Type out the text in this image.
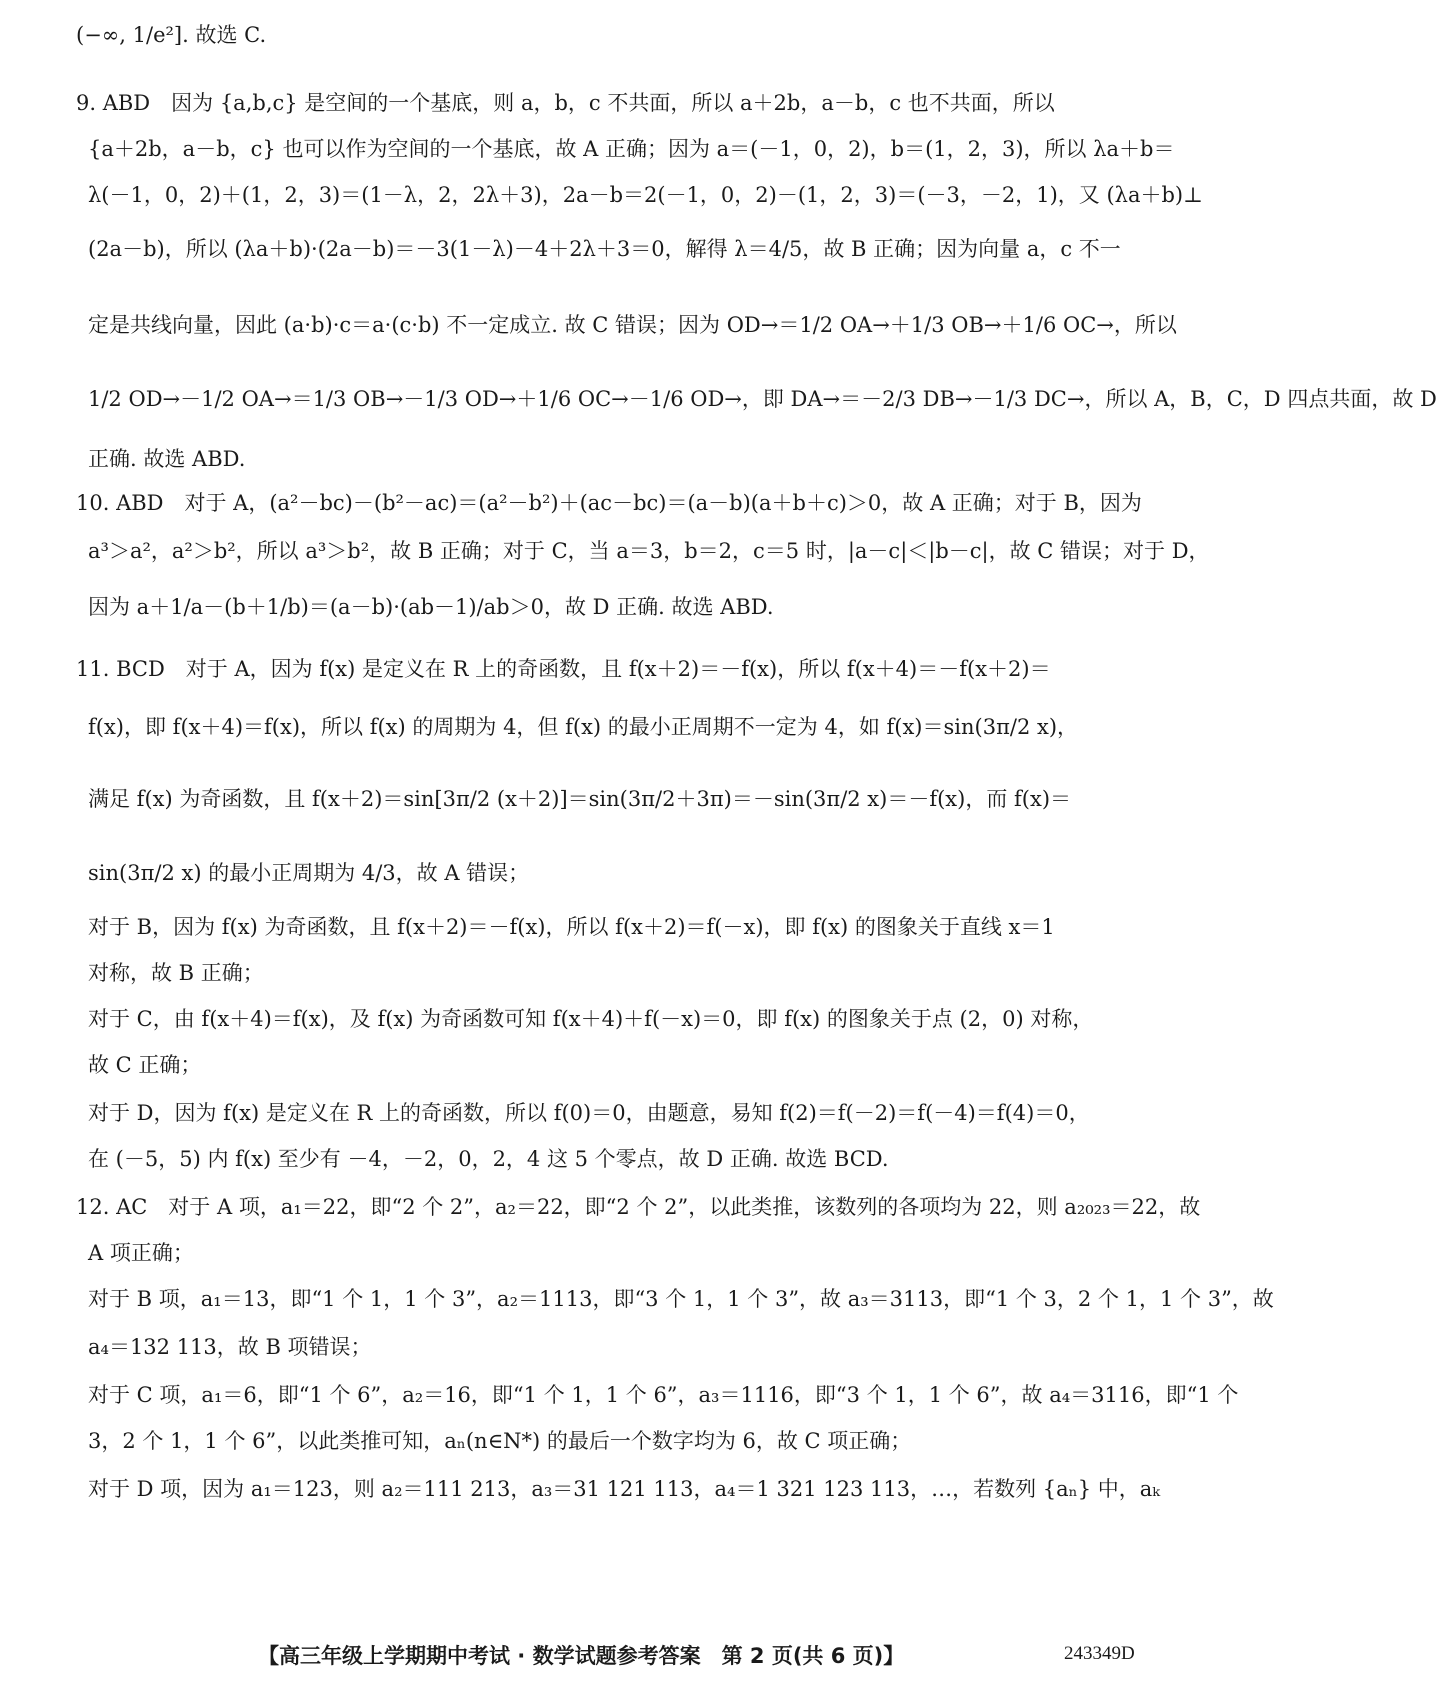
(−∞, 1/e²]. 故选 C.
9. ABD　因为 {a,b,c} 是空间的一个基底，则 a，b，c 不共面，所以 a＋2b，a－b，c 也不共面，所以
{a＋2b，a－b，c} 也可以作为空间的一个基底，故 A 正确；因为 a＝(－1，0，2)，b＝(1，2，3)，所以 λa＋b＝
λ(－1，0，2)＋(1，2，3)＝(1－λ，2，2λ＋3)，2a－b＝2(－1，0，2)－(1，2，3)＝(－3，－2，1)，又 (λa＋b)⊥
(2a－b)，所以 (λa＋b)·(2a－b)＝－3(1－λ)－4＋2λ＋3＝0，解得 λ＝4/5，故 B 正确；因为向量 a，c 不一
定是共线向量，因此 (a·b)·c＝a·(c·b) 不一定成立. 故 C 错误；因为 OD→＝1/2 OA→＋1/3 OB→＋1/6 OC→，所以
1/2 OD→－1/2 OA→＝1/3 OB→－1/3 OD→＋1/6 OC→－1/6 OD→，即 DA→＝－2/3 DB→－1/3 DC→，所以 A，B，C，D 四点共面，故 D
正确. 故选 ABD.
10. ABD　对于 A，(a²－bc)－(b²－ac)＝(a²－b²)＋(ac－bc)＝(a－b)(a＋b＋c)＞0，故 A 正确；对于 B，因为
a³＞a²，a²＞b²，所以 a³＞b²，故 B 正确；对于 C，当 a＝3，b＝2，c＝5 时，|a－c|＜|b－c|，故 C 错误；对于 D，
因为 a＋1/a－(b＋1/b)＝(a－b)·(ab－1)/ab＞0，故 D 正确. 故选 ABD.
11. BCD　对于 A，因为 f(x) 是定义在 R 上的奇函数，且 f(x＋2)＝－f(x)，所以 f(x＋4)＝－f(x＋2)＝
f(x)，即 f(x＋4)＝f(x)，所以 f(x) 的周期为 4，但 f(x) 的最小正周期不一定为 4，如 f(x)＝sin(3π/2 x)，
满足 f(x) 为奇函数，且 f(x＋2)＝sin[3π/2 (x＋2)]＝sin(3π/2＋3π)＝－sin(3π/2 x)＝－f(x)，而 f(x)＝
sin(3π/2 x) 的最小正周期为 4/3，故 A 错误；
对于 B，因为 f(x) 为奇函数，且 f(x＋2)＝－f(x)，所以 f(x＋2)＝f(－x)，即 f(x) 的图象关于直线 x＝1
对称，故 B 正确；
对于 C，由 f(x＋4)＝f(x)，及 f(x) 为奇函数可知 f(x＋4)＋f(－x)＝0，即 f(x) 的图象关于点 (2，0) 对称，
故 C 正确；
对于 D，因为 f(x) 是定义在 R 上的奇函数，所以 f(0)＝0，由题意，易知 f(2)＝f(－2)＝f(－4)＝f(4)＝0，
在 (－5，5) 内 f(x) 至少有 －4，－2，0，2，4 这 5 个零点，故 D 正确. 故选 BCD.
12. AC　对于 A 项，a₁＝22，即“2 个 2”，a₂＝22，即“2 个 2”，以此类推，该数列的各项均为 22，则 a₂₀₂₃＝22，故
A 项正确；
对于 B 项，a₁＝13，即“1 个 1，1 个 3”，a₂＝1113，即“3 个 1，1 个 3”，故 a₃＝3113，即“1 个 3，2 个 1，1 个 3”，故
a₄＝132 113，故 B 项错误；
对于 C 项，a₁＝6，即“1 个 6”，a₂＝16，即“1 个 1，1 个 6”，a₃＝1116，即“3 个 1，1 个 6”，故 a₄＝3116，即“1 个
3，2 个 1，1 个 6”，以此类推可知，aₙ(n∈N*) 的最后一个数字均为 6，故 C 项正确；
对于 D 项，因为 a₁＝123，则 a₂＝111 213，a₃＝31 121 113，a₄＝1 321 123 113，…，若数列 {aₙ} 中，aₖ
【高三年级上学期期中考试 · 数学试题参考答案　第 2 页(共 6 页)】	243349D
